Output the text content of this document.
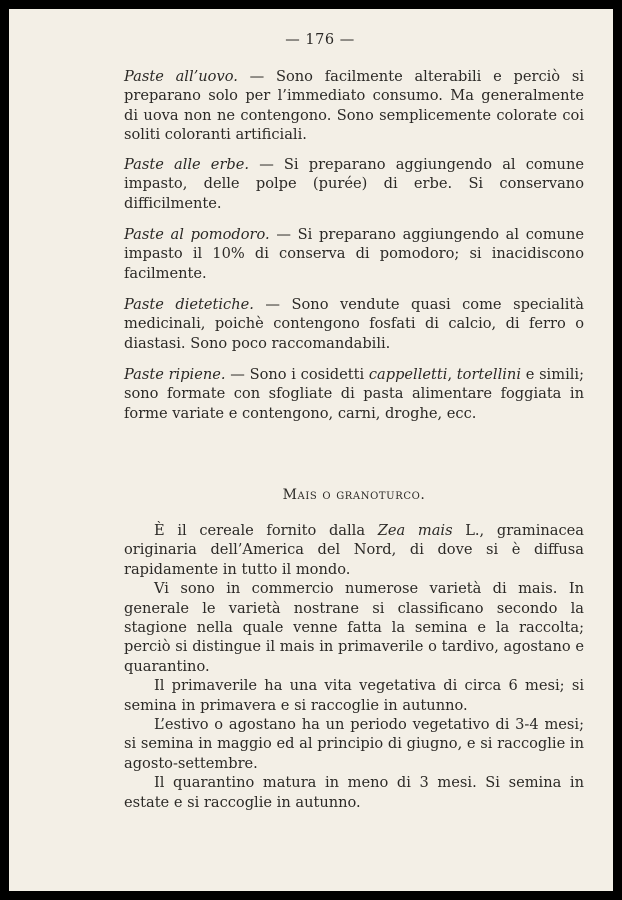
— 176 —

Paste all’uovo. — Sono facilmente alterabili e perciò si preparano solo per l’immediato consumo. Ma generalmente di uova non ne contengono. Sono semplicemente colorate coi soliti coloranti artificiali.

Paste alle erbe. — Si preparano aggiungendo al comune impasto, delle polpe (purée) di erbe. Si conservano difficilmente.

Paste al pomodoro. — Si preparano aggiungendo al comune impasto il 10% di conserva di pomodoro; si inacidiscono facilmente.

Paste dietetiche. — Sono vendute quasi come specialità medicinali, poichè contengono fosfati di calcio, di ferro o diastasi. Sono poco raccomandabili.

Paste ripiene. — Sono i cosidetti cappelletti, tortellini e simili; sono formate con sfogliate di pasta alimentare foggiata in forme variate e contengono, carni, droghe, ecc.

Mais o granoturco.

È il cereale fornito dalla Zea mais L., graminacea originaria dell’America del Nord, di dove si è diffusa rapidamente in tutto il mondo.

Vi sono in commercio numerose varietà di mais. In generale le varietà nostrane si classificano secondo la stagione nella quale venne fatta la semina e la raccolta; perciò si distingue il mais in primaverile o tardivo, agostano e quarantino.

Il primaverile ha una vita vegetativa di circa 6 mesi; si semina in primavera e si raccoglie in autunno.

L’estivo o agostano ha un periodo vegetativo di 3-4 mesi; si semina in maggio ed al principio di giugno, e si raccoglie in agosto-settembre.

Il quarantino matura in meno di 3 mesi. Si semina in estate e si raccoglie in autunno.
